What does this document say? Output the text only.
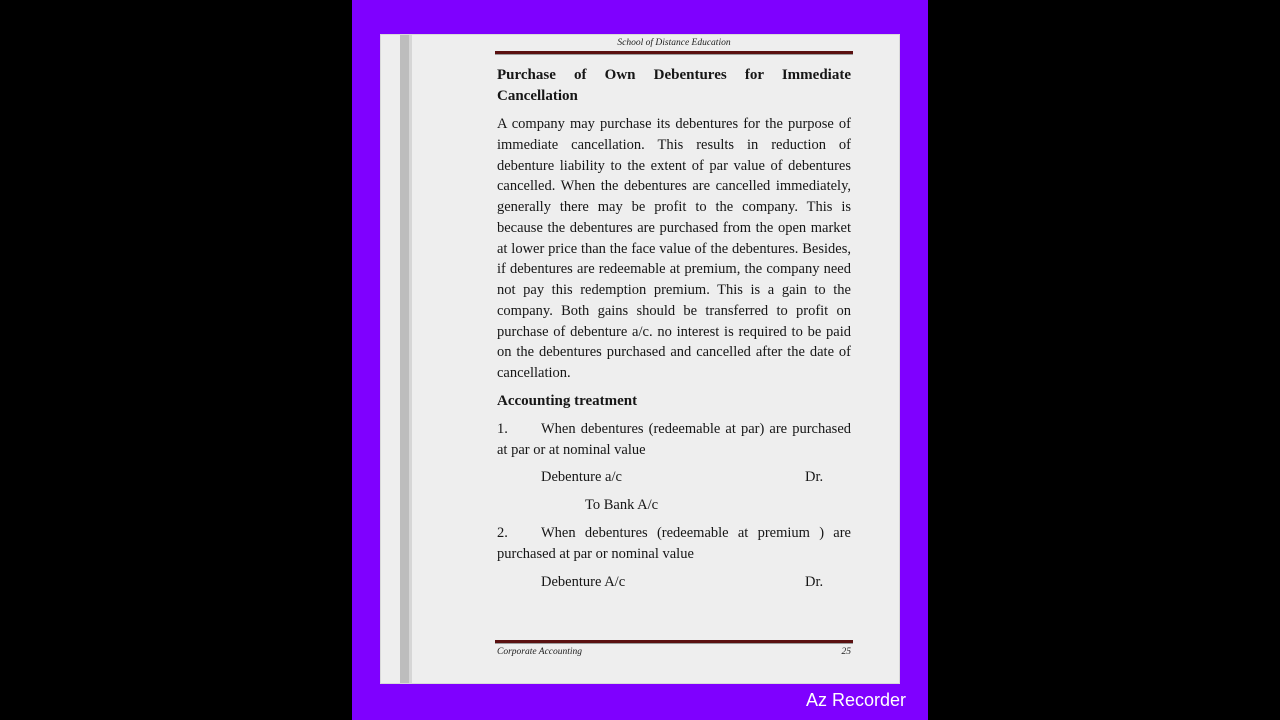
School of Distance Education
Purchase of Own Debentures for Immediate Cancellation

A company may purchase its debentures for the purpose of immediate cancellation. This results in reduction of debenture liability to the extent of par value of debentures cancelled. When the debentures are cancelled immediately, generally there may be profit to the company. This is because the debentures are purchased from the open market at lower price than the face value of the debentures. Besides, if debentures are redeemable at premium, the company need not pay this redemption premium. This is a gain to the company. Both gains should be transferred to profit on purchase of debenture a/c. no interest is required to be paid on the debentures purchased and cancelled after the date of cancellation.

Accounting treatment
1. When debentures (redeemable at par) are purchased at par or at nominal value
Debenture a/c	Dr.
To Bank A/c
2. When debentures (redeemable at premium ) are purchased at par or nominal value
Debenture A/c	Dr.
Corporate Accounting	25
Az Recorder
